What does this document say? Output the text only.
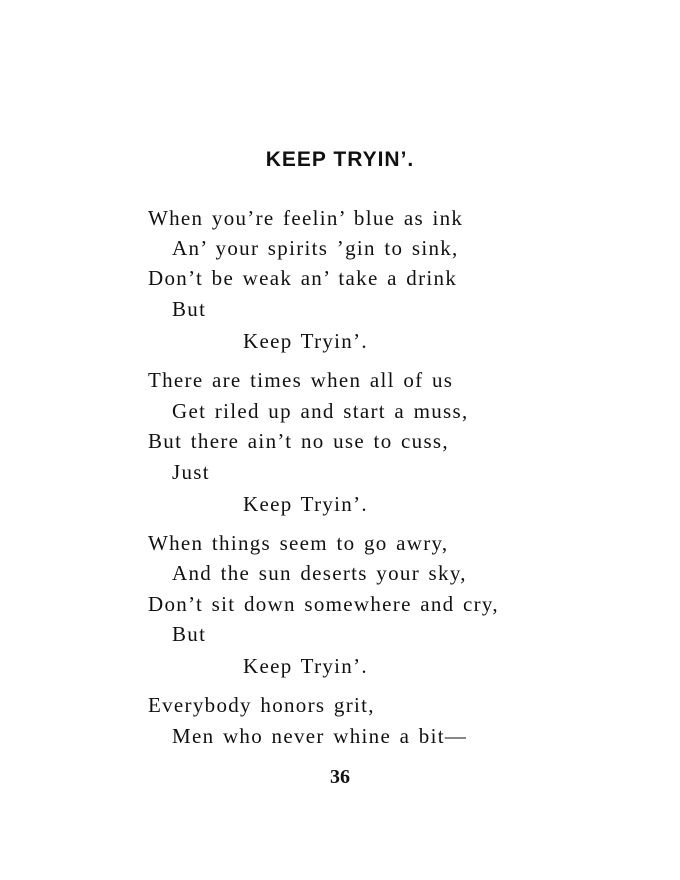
KEEP TRYIN’.

When you’re feelin’ blue as ink

An’ your spirits ’gin to sink,

Don’t be weak an’ take a drink

But

Keep Tryin’.

There are times when all of us

Get riled up and start a muss,

But there ain’t no use to cuss,

Just

Keep Tryin’.

When things seem to go awry,

And the sun deserts your sky,

Don’t sit down somewhere and cry,

But

Keep Tryin’.

Everybody honors grit,

Men who never whine a bit—

36
